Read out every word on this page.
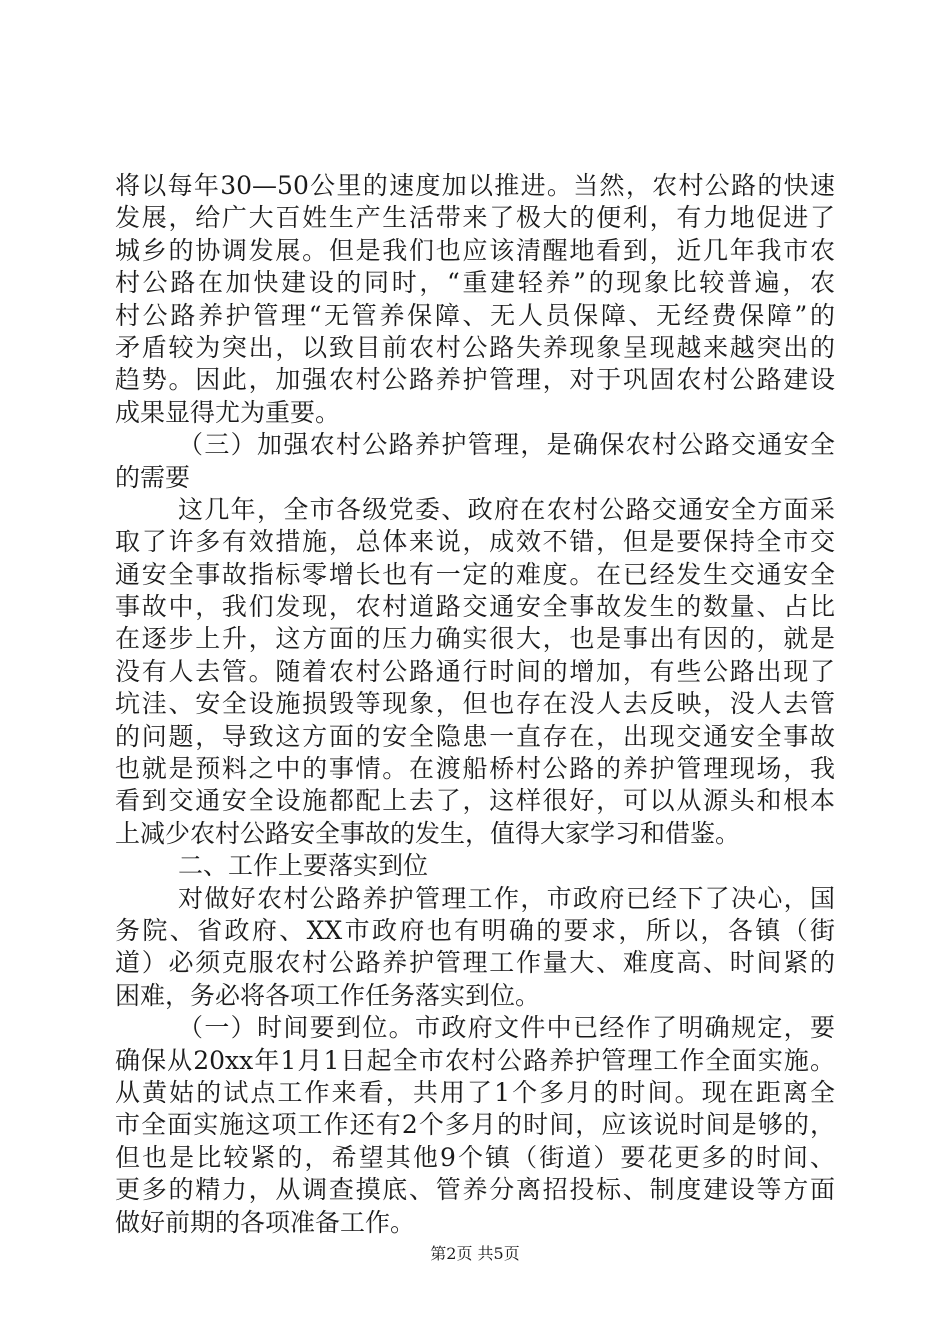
将以每年30—50公里的速度加以推进。当然，农村公路的快速
发展，给广大百姓生产生活带来了极大的便利，有力地促进了
城乡的协调发展。但是我们也应该清醒地看到，近几年我市农
村公路在加快建设的同时，“重建轻养”的现象比较普遍，农
村公路养护管理“无管养保障、无人员保障、无经费保障”的
矛盾较为突出，以致目前农村公路失养现象呈现越来越突出的
趋势。因此，加强农村公路养护管理，对于巩固农村公路建设
成果显得尤为重要。
（三）加强农村公路养护管理，是确保农村公路交通安全
的需要
这几年，全市各级党委、政府在农村公路交通安全方面采
取了许多有效措施，总体来说，成效不错，但是要保持全市交
通安全事故指标零增长也有一定的难度。在已经发生交通安全
事故中，我们发现，农村道路交通安全事故发生的数量、占比
在逐步上升，这方面的压力确实很大，也是事出有因的，就是
没有人去管。随着农村公路通行时间的增加，有些公路出现了
坑洼、安全设施损毁等现象，但也存在没人去反映，没人去管
的问题，导致这方面的安全隐患一直存在，出现交通安全事故
也就是预料之中的事情。在渡船桥村公路的养护管理现场，我
看到交通安全设施都配上去了，这样很好，可以从源头和根本
上减少农村公路安全事故的发生，值得大家学习和借鉴。
二、工作上要落实到位
对做好农村公路养护管理工作，市政府已经下了决心，国
务院、省政府、XX市政府也有明确的要求，所以，各镇（街
道）必须克服农村公路养护管理工作量大、难度高、时间紧的
困难，务必将各项工作任务落实到位。
（一）时间要到位。市政府文件中已经作了明确规定，要
确保从20xx年1月1日起全市农村公路养护管理工作全面实施。
从黄姑的试点工作来看，共用了1个多月的时间。现在距离全
市全面实施这项工作还有2个多月的时间，应该说时间是够的，
但也是比较紧的，希望其他9个镇（街道）要花更多的时间、
更多的精力，从调查摸底、管养分离招投标、制度建设等方面
做好前期的各项准备工作。
第2页 共5页
